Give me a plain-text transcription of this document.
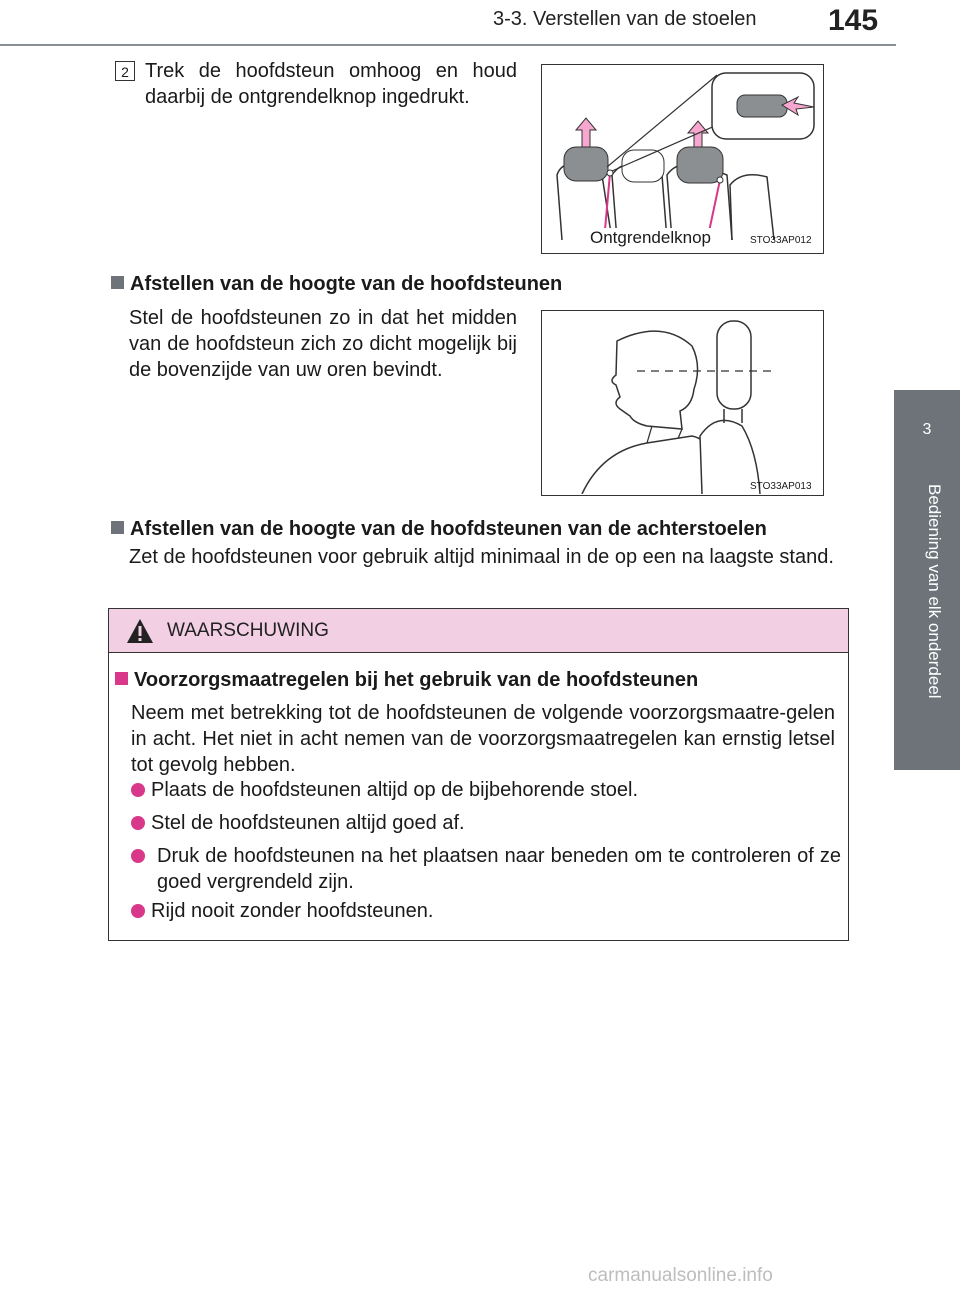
3-3. Verstellen van de stoelen 145
3
Bediening van elk onderdeel
2 Trek de hoofdsteun omhoog en houd daarbij de ontgrendelknop ingedrukt.
Ontgrendelknop	STO33AP012
Afstellen van de hoogte van de hoofdsteunen
Stel de hoofdsteunen zo in dat het midden van de hoofdsteun zich zo dicht mogelijk bij de bovenzijde van uw oren bevindt.
STO33AP013
Afstellen van de hoogte van de hoofdsteunen van de achterstoelen
Zet de hoofdsteunen voor gebruik altijd minimaal in de op een na laagste stand.
WAARSCHUWING
Voorzorgsmaatregelen bij het gebruik van de hoofdsteunen
Neem met betrekking tot de hoofdsteunen de volgende voorzorgsmaatre-gelen in acht. Het niet in acht nemen van de voorzorgsmaatregelen kan ernstig letsel tot gevolg hebben.
Plaats de hoofdsteunen altijd op de bijbehorende stoel.
Stel de hoofdsteunen altijd goed af.
Druk de hoofdsteunen na het plaatsen naar beneden om te controleren of ze goed vergrendeld zijn.
Rijd nooit zonder hoofdsteunen.
carmanualsonline.info
